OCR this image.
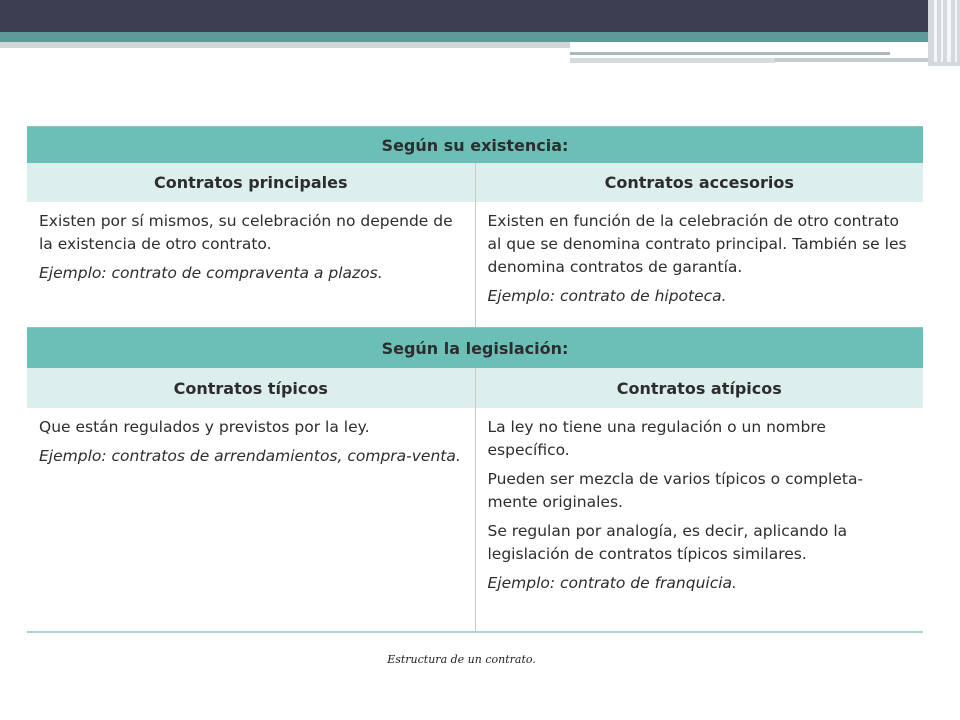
Según su existencia:
Contratos principales	Contratos accesorios

Existen por sí mismos, su celebración no depende de la existencia de otro contrato.

Ejemplo: contrato de compraventa a plazos.

Existen en función de la celebración de otro contrato al que se denomina contrato principal. También se les denomina contratos de garantía.

Ejemplo: contrato de hipoteca.

Según la legislación:
Contratos típicos	Contratos atípicos

Que están regulados y previstos por la ley.

Ejemplo: contratos de arrendamientos, compra-venta.

La ley no tiene una regulación o un nombre específico.

Pueden ser mezcla de varios típicos o completa-mente originales.

Se regulan por analogía, es decir, aplicando la legislación de contratos típicos similares.

Ejemplo: contrato de franquicia.

Estructura de un contrato.
